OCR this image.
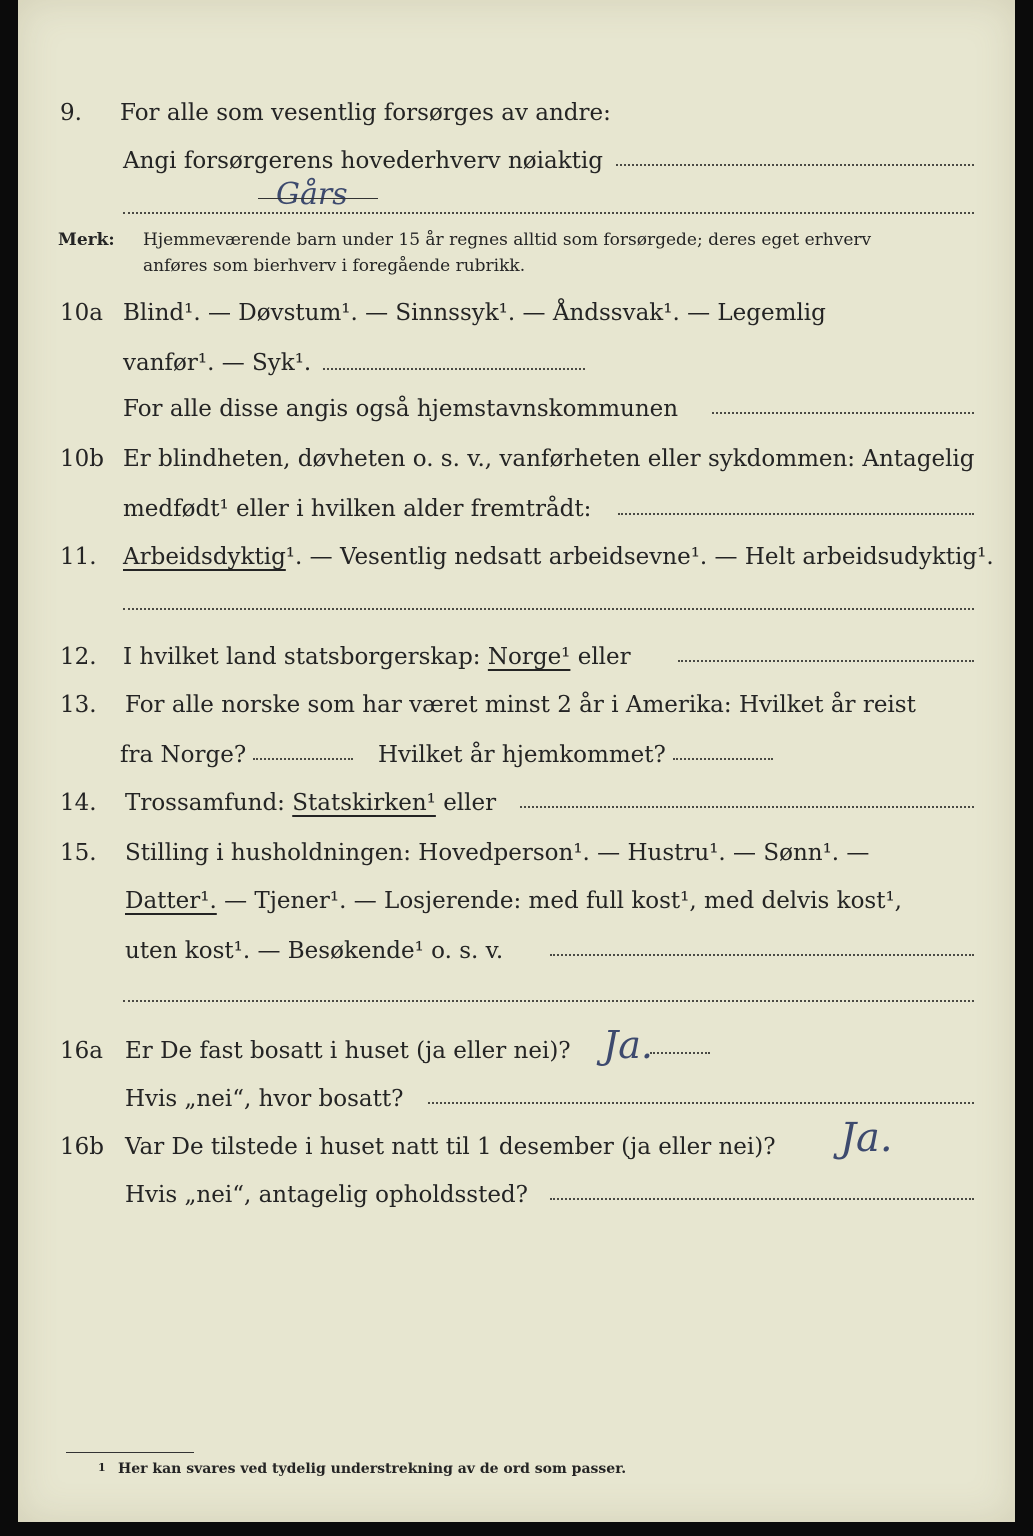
9. For alle som vesentlig forsørges av andre:
Angi forsørgerens hovederhverv nøiaktig
Gårs
Merk: Hjemmeværende barn under 15 år regnes alltid som forsørgede; deres eget erhverv
anføres som bierhverv i foregående rubrikk.
10a Blind¹. — Døvstum¹. — Sinnssyk¹. — Åndssvak¹. — Legemlig
vanfør¹. — Syk¹.
For alle disse angis også hjemstavnskommunen
10b Er blindheten, døvheten o. s. v., vanførheten eller sykdommen: Antagelig
medfødt¹ eller i hvilken alder fremtrådt:
11. Arbeidsdyktig¹. — Vesentlig nedsatt arbeidsevne¹. — Helt arbeidsudyktig¹.
12. I hvilket land statsborgerskap: Norge¹ eller
13. For alle norske som har været minst 2 år i Amerika: Hvilket år reist
fra Norge?	Hvilket år hjemkommet?
14. Trossamfund: Statskirken¹ eller
15. Stilling i husholdningen: Hovedperson¹. — Hustru¹. — Sønn¹. —
Datter¹. — Tjener¹. — Losjerende: med full kost¹, med delvis kost¹,
uten kost¹. — Besøkende¹ o. s. v.
16a Er De fast bosatt i huset (ja eller nei)? Ja.
Hvis „nei“, hvor bosatt?
16b Var De tilstede i huset natt til 1 desember (ja eller nei)? Ja.
Hvis „nei“, antagelig opholdssted?
1 Her kan svares ved tydelig understrekning av de ord som passer.
